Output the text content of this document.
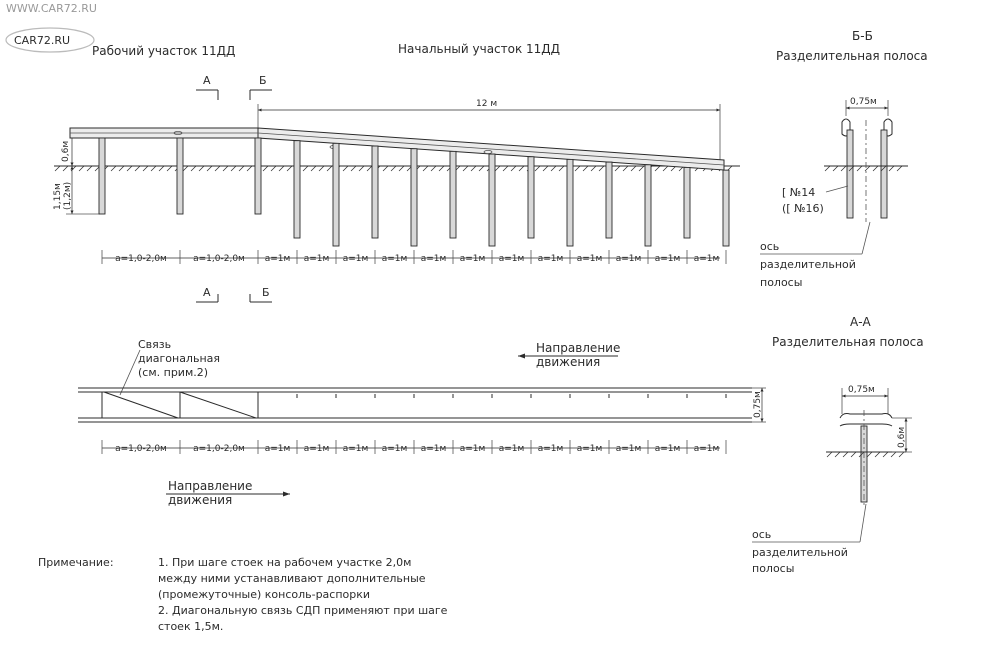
WWW.CAR72.RU
CAR72.RU
Рабочий участок 11ДД	Начальный участок 11ДД
А	Б
12 м
0,6м
1,15м (1,2м)
a=1,0-2,0м	a=1,0-2,0м a=1м a=1м a=1м a=1м a=1м a=1м a=1м a=1м a=1м a=1м a=1м a=1м
А	Б
Связь
диагональная
(см. прим.2)
Направление
движения
0,75м
a=1,0-2,0м	a=1,0-2,0м a=1м a=1м a=1м a=1м a=1м a=1м a=1м a=1м a=1м a=1м a=1м a=1м
Направление
движения
Б-Б
Разделительная полоса
0,75м
[ №14
([ №16)
ось
разделительной
полосы
А-А
Разделительная полоса
0,75м
0,6м
ось
разделительной
полосы
Примечание:	1. При шаге стоек на рабочем участке 2,0м
между ними устанавливают дополнительные
(промежуточные) консоль-распорки
2. Диагональную связь СДП применяют при шаге
стоек 1,5м.
